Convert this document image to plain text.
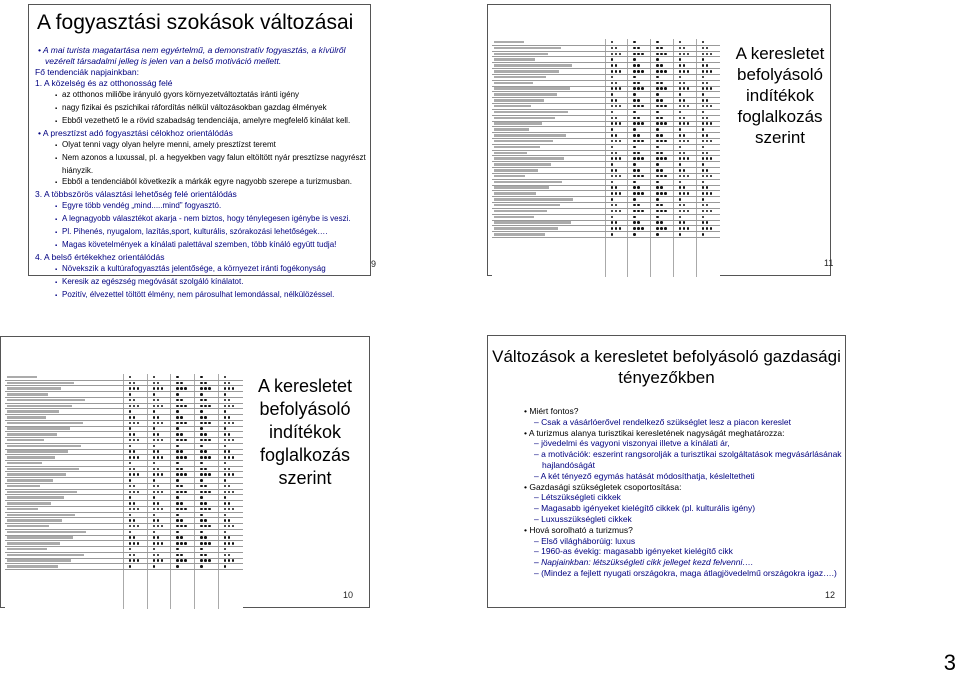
A fogyasztási szokások változásai
• A mai turista magatartása nem egyértelmű, a demonstratív fogyasztás, a kívülről vezérelt társadalmi jelleg is jelen van a belső motiváció mellett.
Fő tendenciák napjainkban:
1. A közelség és az otthonosság felé
▪ az otthonos miliőbe irányuló gyors környezetváltoztatás iránti igény
▪ nagy fizikai és pszichikai ráfordítás nélkül változásokban gazdag élmények
▪ Ebből vezethető le a rövid szabadság tendenciája, amelyre megfelelő kínálat kell.
• A presztízst adó fogyasztási célokhoz orientálódás
▪ Olyat tenni vagy olyan helyre menni, amely presztízst teremt
▪ Nem azonos a luxussal, pl. a hegyekben vagy falun eltöltött nyár presztízse nagyrészt hiányzik.
▪ Ebből a tendenciából következik a márkák egyre nagyobb szerepe a turizmusban.
3. A többszörös választási lehetőség felé orientálódás
▪ Egyre több vendég „mind.....mind” fogyasztó.
▪ A legnagyobb választékot akarja - nem biztos, hogy ténylegesen igénybe is veszi.
▪ Pl. Pihenés, nyugalom, lazítás,sport, kulturális, szórakozási lehetőségek….
▪ Magas követelmények a kínálati palettával szemben, több kínáló együtt tudja!
4. A belső értékekhez orientálódás
▪ Növekszik a kultúrafogyasztás jelentősége, a környezet iránti fogékonyság
▪ Keresik az egészség megóvását szolgáló kínálatot.
▪ Pozitív, élvezettel töltött élmény, nem párosulhat lemondással, nélkülözéssel.
9
A keresletet befolyásoló indítékok foglalkozás szerint
11
A keresletet befolyásoló indítékok foglalkozás szerint
10
Változások a keresletet befolyásoló gazdasági tényezőkben
• Miért fontos?
– Csak a vásárlóerővel rendelkező szükséglet lesz a piacon kereslet
• A turizmus alanya turisztikai keresletének nagyságát meghatározza:
– jövedelmi és vagyoni viszonyai illetve a kínálati ár,
– a motivációk: eszerint rangsorolják a turisztikai szolgáltatások megvásárlásának hajlandóságát
– A két tényező egymás hatását módosíthatja, késleltetheti
• Gazdasági szükségletek csoportosítása:
– Létszükségleti cikkek
– Magasabb igényeket kielégítő cikkek (pl. kulturális igény)
– Luxusszükségleti cikkek
• Hová sorolható a turizmus?
– Első világháborúig: luxus
– 1960-as évekig: magasabb igényeket kielégítő cikk
– Napjainkban: létszükségleti cikk jelleget kezd felvenni….
– (Mindez a fejlett nyugati országokra, maga átlagjövedelmű országokra igaz….)
12
3
